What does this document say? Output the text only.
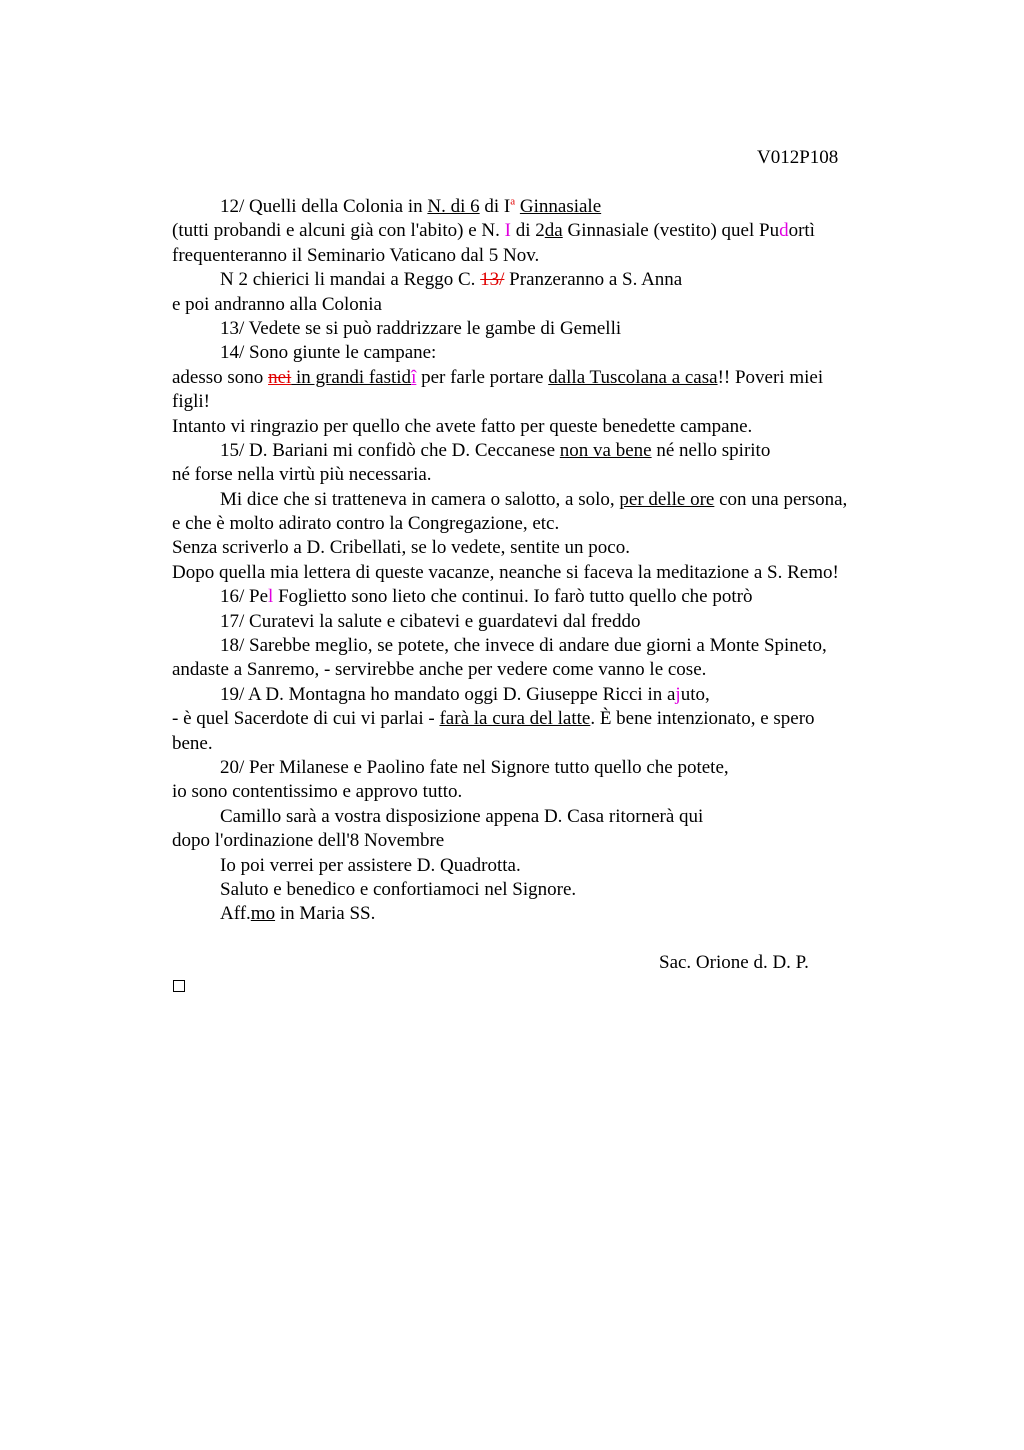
V012P108
12/ Quelli della Colonia in N. di 6 di $I^a$ Ginnasiale
(tutti probandi e alcuni già con l'abito) e N. I di 2da Ginnasiale (vestito) quel Pudortì
frequenteranno il Seminario Vaticano dal 5 Nov.
N 2 chierici li mandai a Reggo C. 13/ Pranzeranno a S. Anna
e poi andranno alla Colonia
13/ Vedete se si può raddrizzare le gambe di Gemelli
14/ Sono giunte le campane:
adesso sono nei in grandi fastidî per farle portare dalla Tuscolana a casa!! Poveri miei
figli!
Intanto vi ringrazio per quello che avete fatto per queste benedette campane.
15/ D. Bariani mi confidò che D. Ceccanese non va bene né nello spirito
né forse nella virtù più necessaria.
Mi dice che si tratteneva in camera o salotto, a solo, per delle ore con una persona,
e che è molto adirato contro la Congregazione, etc.
Senza scriverlo a D. Cribellati, se lo vedete, sentite un poco.
Dopo quella mia lettera di queste vacanze, neanche si faceva la meditazione a S. Remo!
16/ Pel Foglietto sono lieto che continui. Io farò tutto quello che potrò
17/ Curatevi la salute e cibatevi e guardatevi dal freddo
18/ Sarebbe meglio, se potete, che invece di andare due giorni a Monte Spineto,
andaste a Sanremo, - servirebbe anche per vedere come vanno le cose.
19/ A D. Montagna ho mandato oggi D. Giuseppe Ricci in ajuto,
- è quel Sacerdote di cui vi parlai - farà la cura del latte. È bene intenzionato, e spero
bene.
20/ Per Milanese e Paolino fate nel Signore tutto quello che potete,
io sono contentissimo e approvo tutto.
Camillo sarà a vostra disposizione appena D. Casa ritornerà qui
dopo l'ordinazione dell'8 Novembre
Io poi verrei per assistere D. Quadrotta.
Saluto e benedico e confortiamoci nel Signore.
Aff.mo in Maria SS.
Sac. Orione d. D. P.
